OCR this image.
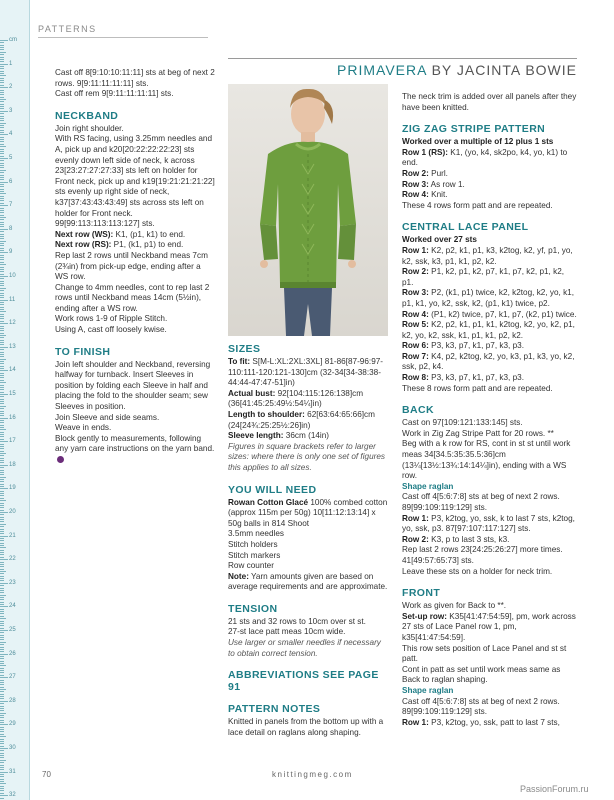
cm
1
2
3
4
5
6
7
8
9
10
11
12
13
14
15
16
17
18
19
20
21
22
23
24
25
26
27
28
29
30
31
32
PATTERNS
PRIMAVERA BY JACINTA BOWIE

Cast off 8[9:10:10:11:11] sts at beg of next 2 rows. 9[9:11:11:11:11] sts.

Cast off rem 9[9:11:11:11:11] sts.

NECKBAND

Join right shoulder.

With RS facing, using 3.25mm needles and A, pick up and k20[20:22:22:22:23] sts evenly down left side of neck, k across 23[23:27:27:27:33] sts left on holder for Front neck, pick up and k19[19:21:21:21:22] sts evenly up right side of neck, k37[37:43:43:43:49] sts across sts left on holder for Front neck.

99[99:113:113:113:127] sts.

Next row (WS): K1, (p1, k1) to end.

Next row (RS): P1, (k1, p1) to end.

Rep last 2 rows until Neckband meas 7cm (2¾in) from pick-up edge, ending after a WS row.

Change to 4mm needles, cont to rep last 2 rows until Neckband meas 14cm (5½in), ending after a WS row.

Work rows 1-9 of Ripple Stitch.

Using A, cast off loosely kwise.

TO FINISH

Join left shoulder and Neckband, reversing halfway for turnback. Insert Sleeves in position by folding each Sleeve in half and placing the fold to the shoulder seam; sew Sleeves in position.

Join Sleeve and side seams.

Weave in ends.

Block gently to measurements, following any yarn care instructions on the yarn band.

SIZES

To fit: S[M-L:XL:2XL:3XL] 81-86[87-96:97-110:111-120:121-130]cm (32-34[34-38:38-44:44-47:47-51]in)

Actual bust: 92[104:115:126:138]cm (36[41:45:25:49½:54¼]in)

Length to shoulder: 62[63:64:65:66]cm (24[24¾:25:25½:26]in)

Sleeve length: 36cm (14in)

Figures in square brackets refer to larger sizes: where there is only one set of figures this applies to all sizes.

YOU WILL NEED

Rowan Cotton Glacé 100% combed cotton (approx 115m per 50g) 10[11:12:13:14] x 50g balls in 814 Shoot

3.5mm needles

Stitch holders

Stitch markers

Row counter

Note: Yarn amounts given are based on average requirements and are approximate.

TENSION

21 sts and 32 rows to 10cm over st st.

27-st lace patt meas 10cm wide.

Use larger or smaller needles if necessary to obtain correct tension.

ABBREVIATIONS SEE PAGE 91
PATTERN NOTES

Knitted in panels from the bottom up with a lace detail on raglans along shaping.

The neck trim is added over all panels after they have been knitted.

ZIG ZAG STRIPE PATTERN

Worked over a multiple of 12 plus 1 sts

Row 1 (RS): K1, (yo, k4, sk2po, k4, yo, k1) to end.

Row 2: Purl.

Row 3: As row 1.

Row 4: Knit.

These 4 rows form patt and are repeated.

CENTRAL LACE PANEL

Worked over 27 sts

Row 1: K2, p2, k1, p1, k3, k2tog, k2, yf, p1, yo, k2, ssk, k3, p1, k1, p2, k2.

Row 2: P1, k2, p1, k2, p7, k1, p7, k2, p1, k2, p1.

Row 3: P2, (k1, p1) twice, k2, k2tog, k2, yo, k1, p1, k1, yo, k2, ssk, k2, (p1, k1) twice, p2.

Row 4: (P1, k2) twice, p7, k1, p7, (k2, p1) twice.

Row 5: K2, p2, k1, p1, k1, k2tog, k2, yo, k2, p1, k2, yo, k2, ssk, k1, p1, k1, p2, k2.

Row 6: P3, k3, p7, k1, p7, k3, p3.

Row 7: K4, p2, k2tog, k2, yo, k3, p1, k3, yo, k2, ssk, p2, k4.

Row 8: P3, k3, p7, k1, p7, k3, p3.

These 8 rows form patt and are repeated.

BACK

Cast on 97[109:121:133:145] sts.

Work in Zig Zag Stripe Patt for 20 rows. **

Beg with a k row for RS, cont in st st until work meas 34[34.5:35:35.5:36]cm (13¼[13½:13¾:14:14¼]in), ending with a WS row.

Shape raglan

Cast off 4[5:6:7:8] sts at beg of next 2 rows. 89[99:109:119:129] sts.

Row 1: P3, k2tog, yo, ssk, k to last 7 sts, k2tog, yo, ssk, p3. 87[97:107:117:127] sts.

Row 2: K3, p to last 3 sts, k3.

Rep last 2 rows 23[24:25:26:27] more times. 41[49:57:65:73] sts.

Leave these sts on a holder for neck trim.

FRONT

Work as given for Back to **.

Set-up row: K35[41:47:54:59], pm, work across 27 sts of Lace Panel row 1, pm, k35[41:47:54:59].

This row sets position of Lace Panel and st st patt.

Cont in patt as set until work meas same as Back to raglan shaping.

Shape raglan

Cast off 4[5:6:7:8] sts at beg of next 2 rows. 89[99:109:119:129] sts.

Row 1: P3, k2tog, yo, ssk, patt to last 7 sts,

70	knittingmeg.com
PassionForum.ru
